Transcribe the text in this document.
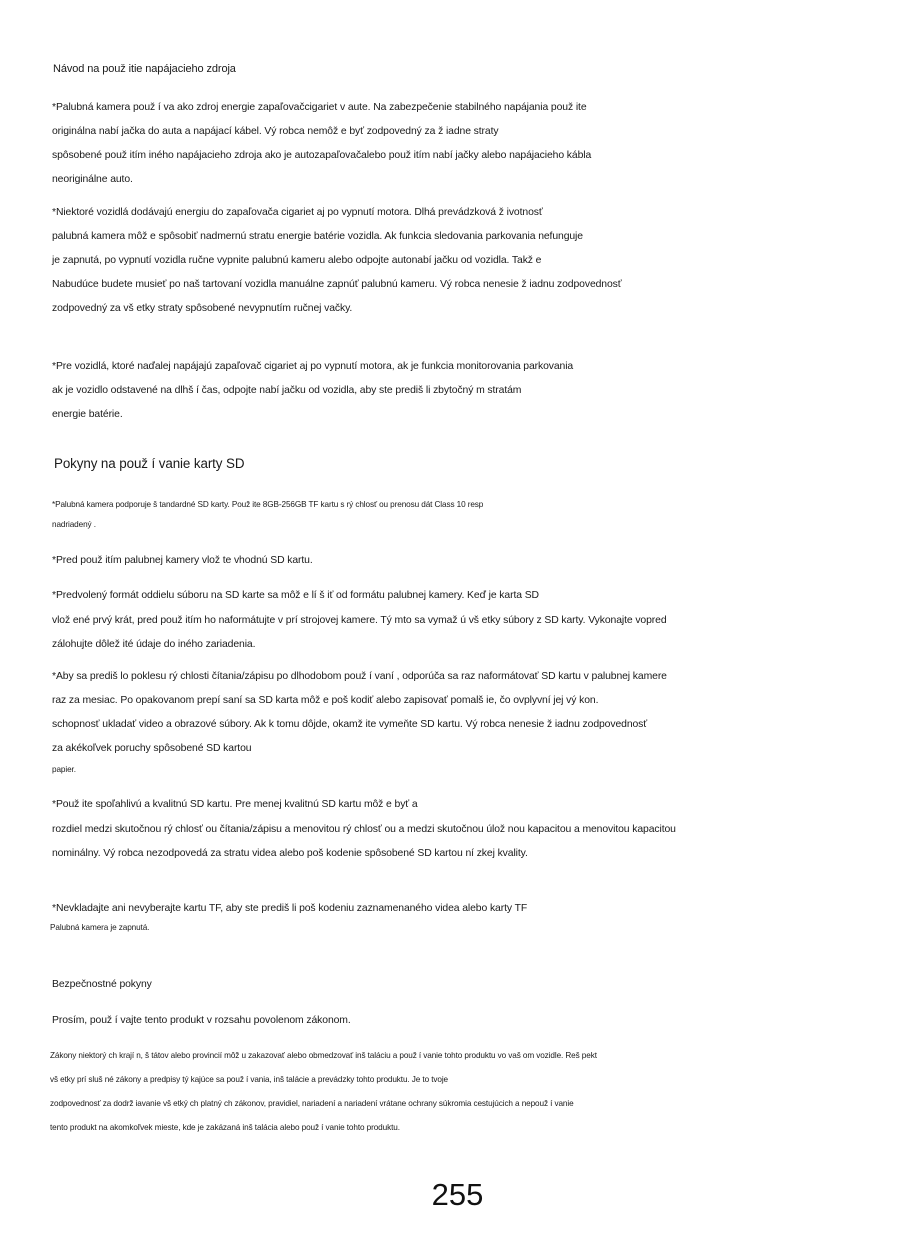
Návod na použ itie napájacieho zdroja
*Palubná kamera použ í va ako zdroj energie zapaľovačcigariet v aute. Na zabezpečenie stabilného napájania použ ite
originálna nabí jačka do auta a napájací kábel. Vý robca nemôž e byť zodpovedný za ž iadne straty
spôsobené použ itím iného napájacieho zdroja ako je autozapaľovačalebo použ itím nabí jačky alebo napájacieho kábla
neoriginálne auto.
*Niektoré vozidlá dodávajú energiu do zapaľovača cigariet aj po vypnutí motora. Dlhá prevádzková ž ivotnosť
palubná kamera môž e spôsobiť nadmernú stratu energie batérie vozidla. Ak funkcia sledovania parkovania nefunguje
je zapnutá, po vypnutí vozidla ručne vypnite palubnú kameru alebo odpojte autonabí jačku od vozidla. Takž e
Nabudúce budete musieť po naš tartovaní vozidla manuálne zapnúť palubnú kameru. Vý robca nenesie ž iadnu zodpovednosť
zodpovedný za vš etky straty spôsobené nevypnutím ručnej vačky.
*Pre vozidlá, ktoré naďalej napájajú zapaľovač cigariet aj po vypnutí motora, ak je funkcia monitorovania parkovania
ak je vozidlo odstavené na dlhš í čas, odpojte nabí jačku od vozidla, aby ste prediš li zbytočný m stratám
energie batérie.
Pokyny na použ í vanie karty SD
*Palubná kamera podporuje š tandardné SD karty. Použ ite 8GB-256GB TF kartu s rý chlosť ou prenosu dát Class 10 resp
nadriadený .
*Pred použ itím palubnej kamery vlož te vhodnú SD kartu.
*Predvolený formát oddielu súboru na SD karte sa môž e lí š iť od formátu palubnej kamery. Keď je karta SD
vlož ené prvý krát, pred použ itím ho naformátujte v prí strojovej kamere. Tý mto sa vymaž ú vš etky súbory z SD karty. Vykonajte vopred
zálohujte dôlež ité údaje do iného zariadenia.
*Aby sa prediš lo poklesu rý chlosti čítania/zápisu po dlhodobom použ í vaní , odporúča sa raz naformátovať SD kartu v palubnej kamere
raz za mesiac. Po opakovanom prepí saní sa SD karta môž e poš kodiť alebo zapisovať pomalš ie, čo ovplyvní jej vý kon.
schopnosť ukladať video a obrazové súbory. Ak k tomu dôjde, okamž ite vymeňte SD kartu. Vý robca nenesie ž iadnu zodpovednosť
za akékoľvek poruchy spôsobené SD kartou
papier.
*Použ ite spoľahlivú a kvalitnú SD kartu. Pre menej kvalitnú SD kartu môž e byť a
rozdiel medzi skutočnou rý chlosť ou čítania/zápisu a menovitou rý chlosť ou a medzi skutočnou úlož nou kapacitou a menovitou kapacitou
nominálny. Vý robca nezodpovedá za stratu videa alebo poš kodenie spôsobené SD kartou ní zkej kvality.
*Nevkladajte ani nevyberajte kartu TF, aby ste prediš li poš kodeniu zaznamenaného videa alebo karty TF
Palubná kamera je zapnutá.
Bezpečnostné pokyny
Prosím, použ í vajte tento produkt v rozsahu povolenom zákonom.
Zákony niektorý ch krají n, š tátov alebo provincií môž u zakazovať alebo obmedzovať inš taláciu a použ í vanie tohto produktu vo vaš om vozidle. Reš pekt
vš etky prí sluš né zákony a predpisy tý kajúce sa použ í vania, inš talácie a prevádzky tohto produktu. Je to tvoje
zodpovednosť za dodrž iavanie vš etký ch platný ch zákonov, pravidiel, nariadení a nariadení vrátane ochrany súkromia cestujúcich a nepouž í vanie
tento produkt na akomkoľvek mieste, kde je zakázaná inš talácia alebo použ í vanie tohto produktu.
255
